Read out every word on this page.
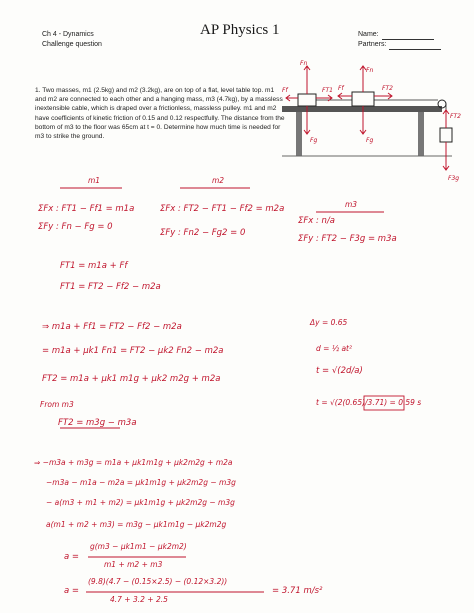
Ch 4 - Dynamics
Challenge question
AP Physics 1	Name:
Partners:
1. Two masses, m1 (2.5kg) and m2 (3.2kg), are on top of a flat, level table top. m1 and m2 are connected to each other and a hanging mass, m3 (4.7kg), by a massless inextensible cable, which is draped over a frictionless, massless pulley. m1 and m2 have coefficients of kinetic friction of 0.15 and 0.12 respectfully. The distance from the bottom of m3 to the floor was 65cm at t = 0. Determine how much time is needed for m3 to strike the ground.
Fn
Fn
Ff	FT1 Ff	FT2
FT2
Fg	Fg
F3g
m1	m2
m3
ΣFx : FT1 − Ff1 = m1a
ΣFy : Fn − Fg = 0
ΣFx : FT2 − FT1 − Ff2 = m2a
ΣFy : Fn2 − Fg2 = 0
ΣFx : n/a
ΣFy : FT2 − F3g = m3a
FT1 = m1a + Ff
FT1 = FT2 − Ff2 − m2a
⇒ m1a + Ff1 = FT2 − Ff2 − m2a
= m1a + μk1 Fn1 = FT2 − μk2 Fn2 − m2a
FT2 = m1a + μk1 m1g + μk2 m2g + m2a
From m3
FT2 = m3g − m3a
Δy = 0.65
d = ½ at²
t = √(2d/a)
t = √(2(0.65)/3.71) = 0.59 s
⇒ −m3a + m3g = m1a + μk1m1g + μk2m2g + m2a
−m3a − m1a − m2a = μk1m1g + μk2m2g − m3g
− a(m3 + m1 + m2) = μk1m1g + μk2m2g − m3g
a(m1 + m2 + m3) = m3g − μk1m1g − μk2m2g
a =
g(m3 − μk1m1 − μk2m2)
m1 + m2 + m3
a =
(9.8)(4.7 − (0.15×2.5) − (0.12×3.2))
4.7 + 3.2 + 2.5
= 3.71 m/s²
